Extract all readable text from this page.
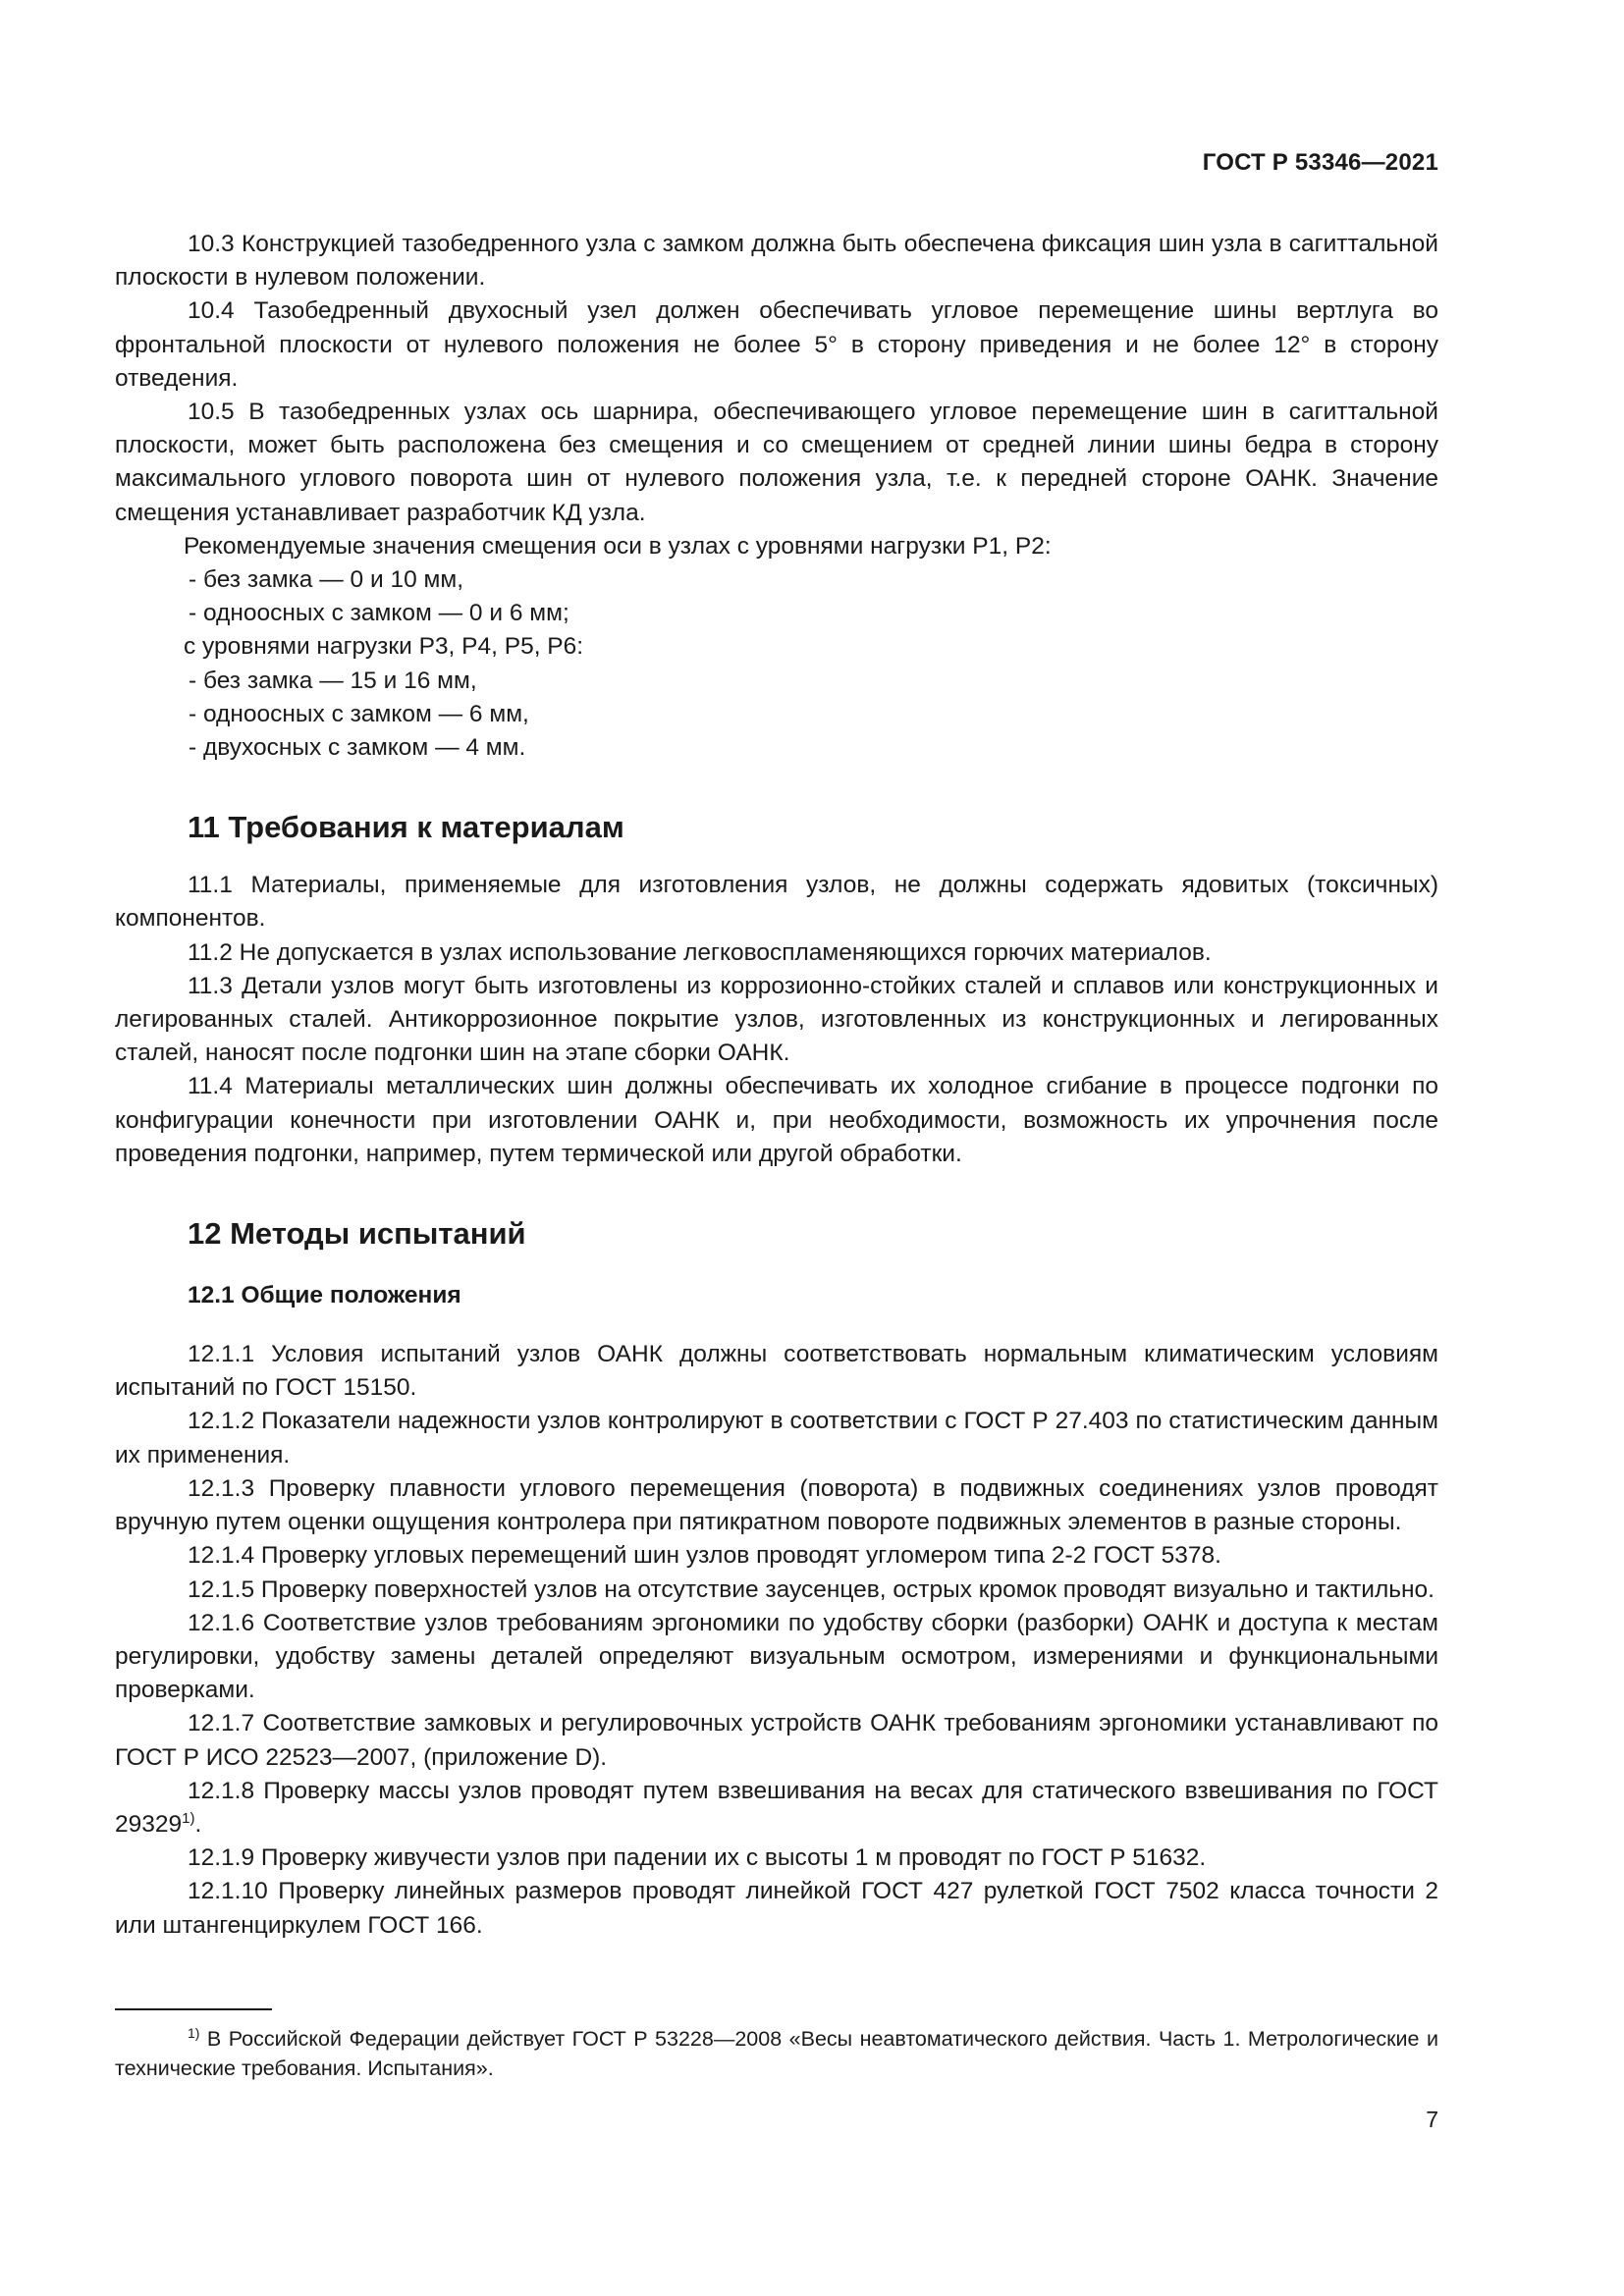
ГОСТ Р 53346—2021

10.3 Конструкцией тазобедренного узла с замком должна быть обеспечена фиксация шин узла в сагиттальной плоскости в нулевом положении.

10.4 Тазобедренный двухосный узел должен обеспечивать угловое перемещение шины вертлуга во фронтальной плоскости от нулевого положения не более 5° в сторону приведения и не более 12° в сторону отведения.

10.5 В тазобедренных узлах ось шарнира, обеспечивающего угловое перемещение шин в сагиттальной плоскости, может быть расположена без смещения и со смещением от средней линии шины бедра в сторону максимального углового поворота шин от нулевого положения узла, т.е. к передней стороне ОАНК. Значение смещения устанавливает разработчик КД узла.

Рекомендуемые значения смещения оси в узлах с уровнями нагрузки Р1, Р2:
- без замка — 0 и 10 мм,
- одноосных с замком — 0 и 6 мм;
с уровнями нагрузки Р3, Р4, Р5, Р6:
- без замка — 15 и 16 мм,
- одноосных с замком — 6 мм,
- двухосных с замком — 4 мм.
11 Требования к материалам

11.1 Материалы, применяемые для изготовления узлов, не должны содержать ядовитых (токсичных) компонентов.

11.2 Не допускается в узлах использование легковоспламеняющихся горючих материалов.

11.3 Детали узлов могут быть изготовлены из коррозионно-стойких сталей и сплавов или конструкционных и легированных сталей. Антикоррозионное покрытие узлов, изготовленных из конструкционных и легированных сталей, наносят после подгонки шин на этапе сборки ОАНК.

11.4 Материалы металлических шин должны обеспечивать их холодное сгибание в процессе подгонки по конфигурации конечности при изготовлении ОАНК и, при необходимости, возможность их упрочнения после проведения подгонки, например, путем термической или другой обработки.

12 Методы испытаний
12.1 Общие положения

12.1.1 Условия испытаний узлов ОАНК должны соответствовать нормальным климатическим условиям испытаний по ГОСТ 15150.

12.1.2 Показатели надежности узлов контролируют в соответствии с ГОСТ Р 27.403 по статистическим данным их применения.

12.1.3 Проверку плавности углового перемещения (поворота) в подвижных соединениях узлов проводят вручную путем оценки ощущения контролера при пятикратном повороте подвижных элементов в разные стороны.

12.1.4 Проверку угловых перемещений шин узлов проводят угломером типа 2-2 ГОСТ 5378.

12.1.5 Проверку поверхностей узлов на отсутствие заусенцев, острых кромок проводят визуально и тактильно.

12.1.6 Соответствие узлов требованиям эргономики по удобству сборки (разборки) ОАНК и доступа к местам регулировки, удобству замены деталей определяют визуальным осмотром, измерениями и функциональными проверками.

12.1.7 Соответствие замковых и регулировочных устройств ОАНК требованиям эргономики устанавливают по ГОСТ Р ИСО 22523—2007, (приложение D).

12.1.8 Проверку массы узлов проводят путем взвешивания на весах для статического взвешивания по ГОСТ 29329$^{1)}$.

12.1.9 Проверку живучести узлов при падении их с высоты 1 м проводят по ГОСТ Р 51632.

12.1.10 Проверку линейных размеров проводят линейкой ГОСТ 427 рулеткой ГОСТ 7502 класса точности 2 или штангенциркулем ГОСТ 166.

$^{1)}$ В Российской Федерации действует ГОСТ Р 53228—2008 «Весы неавтоматического действия. Часть 1. Метрологические и технические требования. Испытания».

7
